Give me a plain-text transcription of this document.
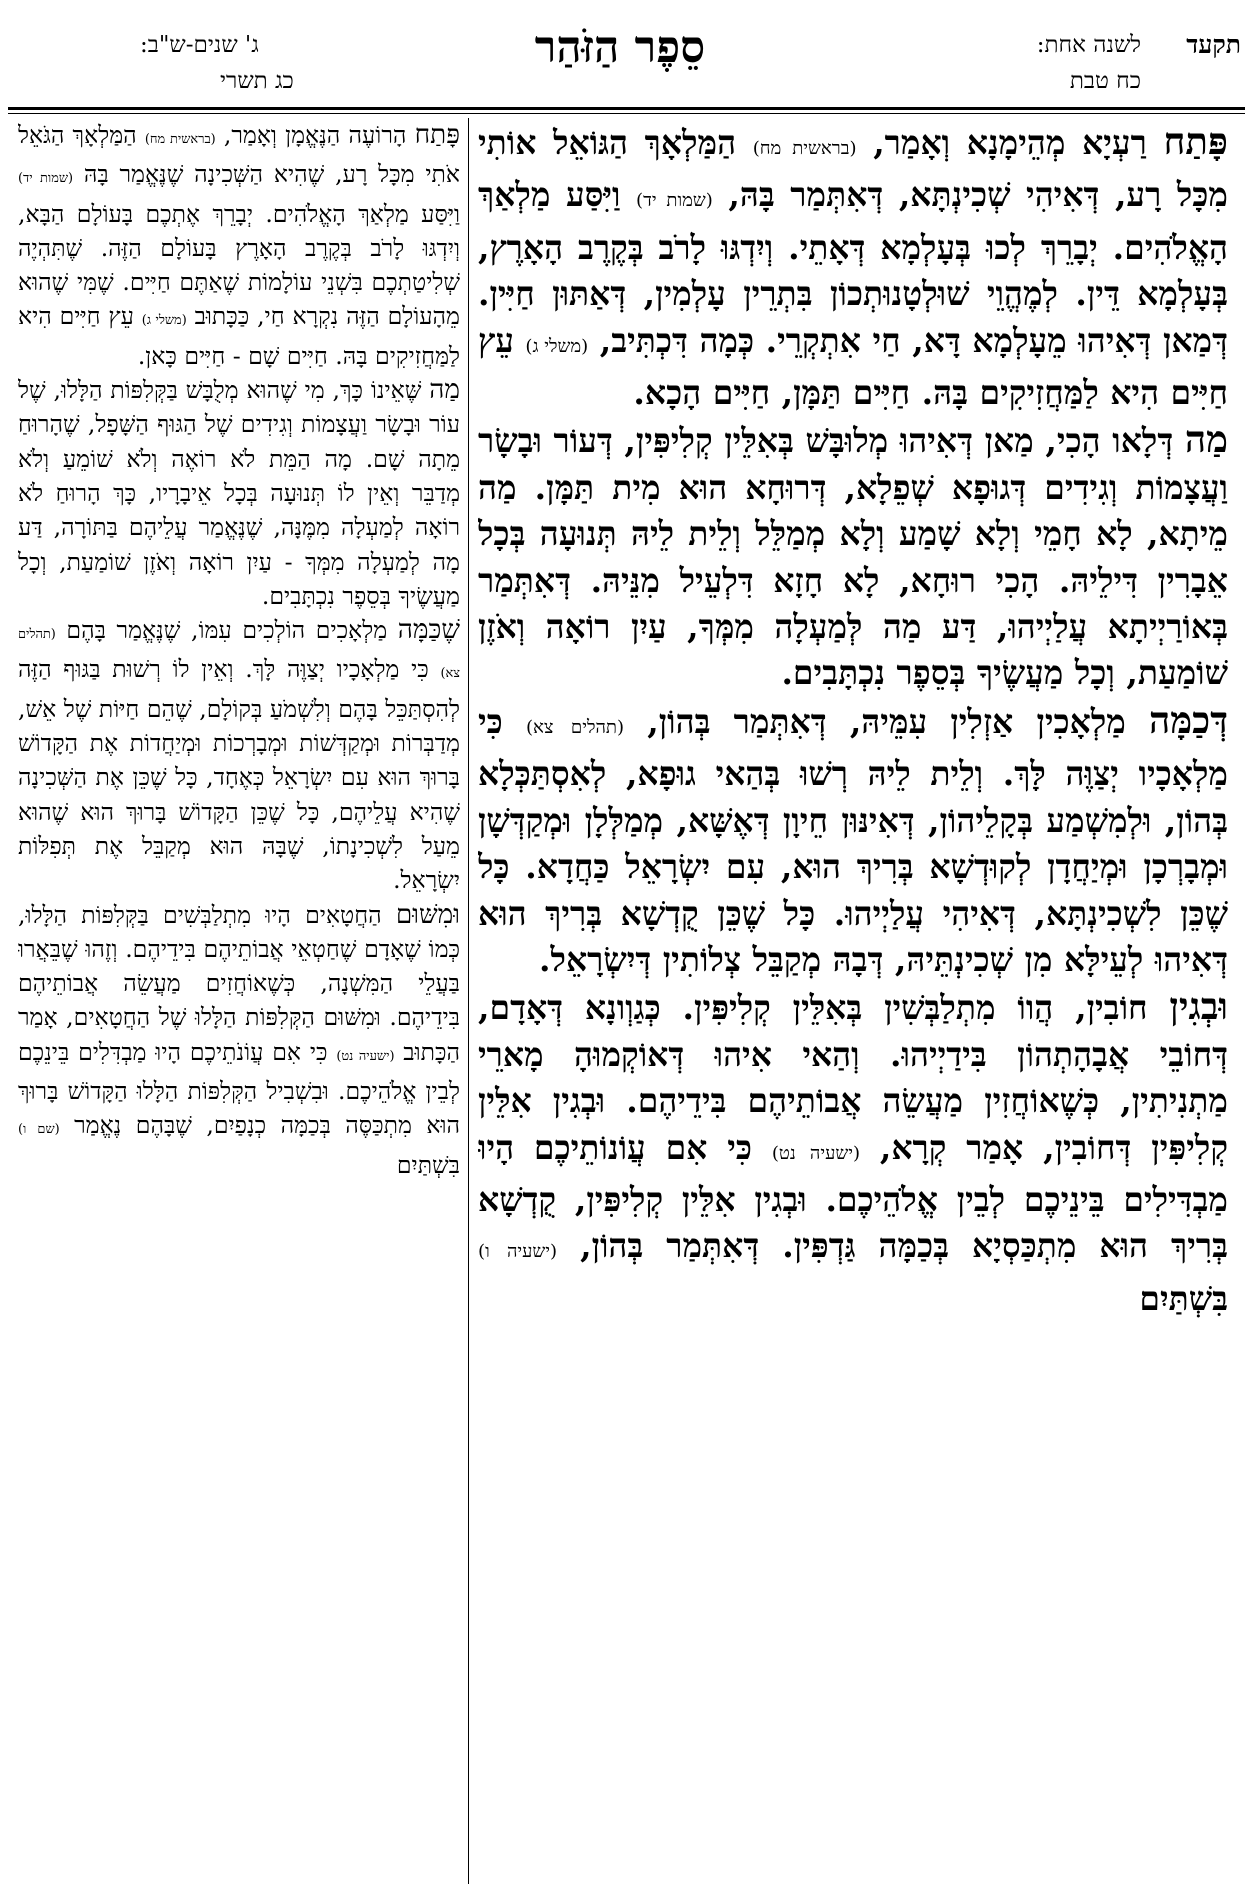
תקעד
לשנה אחת:
כח טבת
סֵפֶר הַזֹּהַר
ג' שנים-ש"ב:
כג תשרי

פָּתַח רַעְיָא מְהֵימָנָא וְאָמַר, (בראשית מח) הַמַּלְאָךְ הַגּוֹאֵל אוֹתִי מִכָּל רָע, דְּאִיהִי שְׁכִינְתָּא, דְּאִתְּמַר בָּהּ, (שמות יד) וַיִּסַּע מַלְאַךְ הָאֱלֹהִים. יְבָרֵךְ לְכוּ בְּעָלְמָא דְּאָתֵי. וְיִדְגּוּ לָרֹב בְּקֶרֶב הָאָרֶץ, בְּעָלְמָא דֵּין. לְמֶהֱוֵי שׁוּלְטָנוּתְכוֹן בִּתְרֵין עָלְמִין, דְּאַתּוּן חַיִּין. דְּמַאן דְּאִיהוּ מֵעָלְמָא דָּא, חַי אִתְקְרֵי. כְּמָה דִּכְתִּיב, (משלי ג) עֵץ חַיִּים הִיא לַמַּחֲזִיקִים בָּהּ. חַיִּים תַּמָּן, חַיִּים הָכָא.

מַה דְּלָאו הָכִי, מַאן דְּאִיהוּ מְלוּבָּשׁ בְּאִלֵּין קְלִיפִּין, דְּעוֹר וּבָשָׂר וַעֲצָמוֹת וְגִידִים דְּגוּפָא שְׁפֵלָא, דְּרוּחָא הוּא מִית תַּמָּן. מַה מֵיתָא, לָא חָמֵי וְלָא שָׁמַע וְלָא מְמַלֵּל וְלֵית לֵיהּ תְּנוּעָה בְּכָל אֵבָרִין דִּילֵיהּ. הָכִי רוּחָא, לָא חָזָא דִּלְעֵיל מִנֵּיהּ. דְּאִתְּמַר בְּאוֹרַיְיתָא עֲלַיְיהוּ, דַּע מַה לְּמַעְלָה מִמְּךָ, עַיִן רוֹאָה וְאֹזֶן שׁוֹמַעַת, וְכָל מַעֲשֶׂיךָ בְּסֵפֶר נִכְתָּבִים.

דְּכַמָּה מַלְאָכִין אַזְלִין עִמֵּיהּ, דְּאִתְּמַר בְּהוֹן, (תהלים צא) כִּי מַלְאָכָיו יְצַוֶּה לָּךְ. וְלֵית לֵיהּ רְשׁוּ בְּהַאי גוּפָא, לְאִסְתַּכְּלָא בְּהוֹן, וּלְמִשְׁמַע בְּקָלֵיהוֹן, דְּאִינּוּן חֵיוָן דְּאֶשָּׁא, מְמַלְּלָן וּמְקַדְּשָׁן וּמְבָרְכָן וּמְיַחֲדָן לְקוּדְשָׁא בְּרִיךְ הוּא, עִם יִשְׂרָאֵל כַּחֲדָא. כָּל שֶׁכֵּן לִשְׁכִינְתָּא, דְּאִיהִי עֲלַיְיהוּ. כָּל שֶׁכֵּן קֻדְשָׁא בְּרִיךְ הוּא דְּאִיהוּ לְעֵילָּא מִן שְׁכִינְתֵּיהּ, דְּבָהּ מְקַבֵּל צְלוֹתִין דְּיִשְׂרָאֵל.

וּבְגִין חוֹבִין, הֲווֹ מִתְלַבְּשִׁין בְּאִלֵּין קְלִיפִּין. כְּגַוְונָא דְּאָדָם, דְּחוֹבֵי אֲבָהָתְהוֹן בִּידַיְיהוּ. וְהַאי אִיהוּ דְּאוֹקְמוּהָ מָארֵי מַתְנִיתִין, כְּשֶׁאוֹחֲזִין מַעֲשֵׂה אֲבוֹתֵיהֶם בִּידֵיהֶם. וּבְגִין אִלֵּין קְלִיפִּין דְּחוֹבִין, אָמַר קְרָא, (ישעיה נט) כִּי אִם עֲוֹנוֹתֵיכֶם הָיוּ מַבְדִּילִים בֵּינֵיכֶם לְבֵין אֱלֹהֵיכֶם. וּבְגִין אִלֵּין קְלִיפִּין, קֻדְשָׁא בְּרִיךְ הוּא מִתְכַּסְיָא בְּכַמָּה גַּדְפִּין. דְּאִתְּמַר בְּהוֹן, (ישעיה ו) בִּשְׁתַּיִם

פָּתַח הָרוֹעֶה הַנֶּאֱמָן וְאָמַר, (בראשית מח) הַמַּלְאָךְ הַגֹּאֵל אֹתִי מִכָּל רָע, שֶׁהִיא הַשְּׁכִינָה שֶׁנֶּאֱמַר בָּהּ (שמות יד) וַיִּסַּע מַלְאַךְ הָאֱלֹהִים. יְבָרֵךְ אֶתְכֶם בָּעוֹלָם הַבָּא, וְיִדְגּוּ לָרֹב בְּקֶרֶב הָאָרֶץ בָּעוֹלָם הַזֶּה. שֶׁתִּהְיֶה שְׁלִיטַתְכֶם בִּשְׁנֵי עוֹלָמוֹת שֶׁאַתֶּם חַיִּים. שֶׁמִּי שֶׁהוּא מֵהָעוֹלָם הַזֶּה נִקְרָא חַי, כַּכָּתוּב (משלי ג) עֵץ חַיִּים הִיא לַמַּחֲזִיקִים בָּהּ. חַיִּים שָׁם - חַיִּים כָּאן.

מַה שֶּׁאֵינוֹ כָּךְ, מִי שֶׁהוּא מְלֻבָּשׁ בַּקְּלִפּוֹת הַלָּלוּ, שֶׁל עוֹר וּבָשָׂר וַעֲצָמוֹת וְגִידִים שֶׁל הַגּוּף הַשָּׁפָל, שֶׁהָרוּחַ מֵתָה שָׁם. מָה הַמֵּת לֹא רוֹאֶה וְלֹא שׁוֹמֵעַ וְלֹא מְדַבֵּר וְאֵין לוֹ תְּנוּעָה בְּכָל אֵיבָרָיו, כָּךְ הָרוּחַ לֹא רוֹאָה לְמַעְלָה מִמֶּנָּה, שֶׁנֶּאֱמַר עֲלֵיהֶם בַּתּוֹרָה, דַּע מָה לְמַעְלָה מִמְּךָ - עַיִן רוֹאָה וְאֹזֶן שׁוֹמַעַת, וְכָל מַעֲשֶׂיךָ בְּסֵפֶר נִכְתָּבִים.

שֶׁכַּמָּה מַלְאָכִים הוֹלְכִים עִמּוֹ, שֶׁנֶּאֱמַר בָּהֶם (תהלים צא) כִּי מַלְאָכָיו יְצַוֶּה לָּךְ. וְאֵין לוֹ רְשׁוּת בַּגּוּף הַזֶּה לְהִסְתַּכֵּל בָּהֶם וְלִשְׁמֹעַ בְּקוֹלָם, שֶׁהֵם חַיּוֹת שֶׁל אֵשׁ, מְדַבְּרוֹת וּמְקַדְּשׁוֹת וּמְבָרְכוֹת וּמְיַחֲדוֹת אֶת הַקָּדוֹשׁ בָּרוּךְ הוּא עִם יִשְׂרָאֵל כְּאֶחָד, כָּל שֶׁכֵּן אֶת הַשְּׁכִינָה שֶׁהִיא עֲלֵיהֶם, כָּל שֶׁכֵּן הַקָּדוֹשׁ בָּרוּךְ הוּא שֶׁהוּא מֵעַל לִשְׁכִינָתוֹ, שֶׁבָּהּ הוּא מְקַבֵּל אֶת תְּפִלּוֹת יִשְׂרָאֵל.

וּמִשּׁוּם הַחֲטָאִים הָיוּ מִתְלַבְּשִׁים בַּקְּלִפּוֹת הַלָּלוּ, כְּמוֹ שֶׁאָדָם שֶׁחַטְאֵי אֲבוֹתֵיהֶם בִּידֵיהֶם. וְזֶהוּ שֶׁבֵּאֲרוּ בַּעֲלֵי הַמִּשְׁנָה, כְּשֶׁאוֹחֲזִים מַעֲשֵׂה אֲבוֹתֵיהֶם בִּידֵיהֶם. וּמִשּׁוּם הַקְּלִפּוֹת הַלָּלוּ שֶׁל הַחֲטָאִים, אָמַר הַכָּתוּב (ישעיה נט) כִּי אִם עֲוֹנֹתֵיכֶם הָיוּ מַבְדִּלִים בֵּינֵכֶם לְבֵין אֱלֹהֵיכֶם. וּבִשְׁבִיל הַקְּלִפּוֹת הַלָּלוּ הַקָּדוֹשׁ בָּרוּךְ הוּא מִתְכַּסֶּה בְּכַמָּה כְנָפַיִם, שֶׁבָּהֶם נֶאֱמַר (שם ו) בִּשְׁתַּיִם
